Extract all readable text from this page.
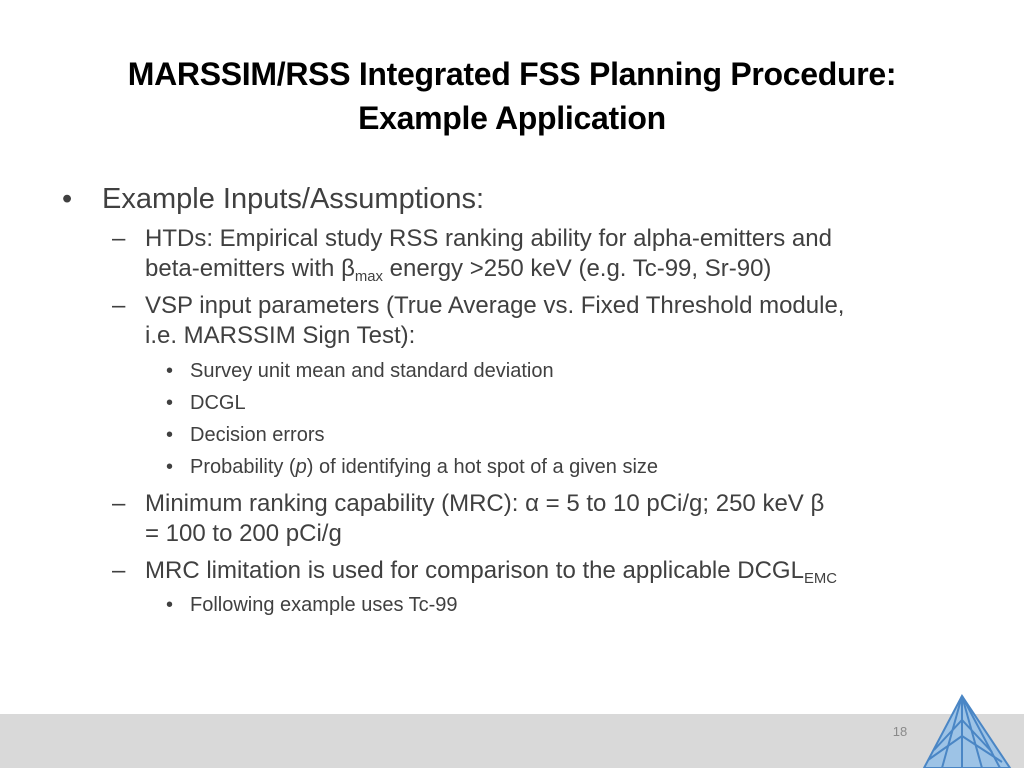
MARSSIM/RSS Integrated FSS Planning Procedure:
Example Application
• Example Inputs/Assumptions:
– HTDs: Empirical study RSS ranking ability for alpha-emitters and
beta-emitters with $\beta_{max}$ energy >250 keV (e.g. Tc-99, Sr-90)
– VSP input parameters (True Average vs. Fixed Threshold module,
i.e. MARSSIM Sign Test):
• Survey unit mean and standard deviation
• DCGL
• Decision errors
• Probability (p) of identifying a hot spot of a given size
– Minimum ranking capability (MRC): α = 5 to 10 pCi/g; 250 keV β
= 100 to 200 pCi/g
– MRC limitation is used for comparison to the applicable $DCGL_{EMC}$
• Following example uses Tc-99
18
